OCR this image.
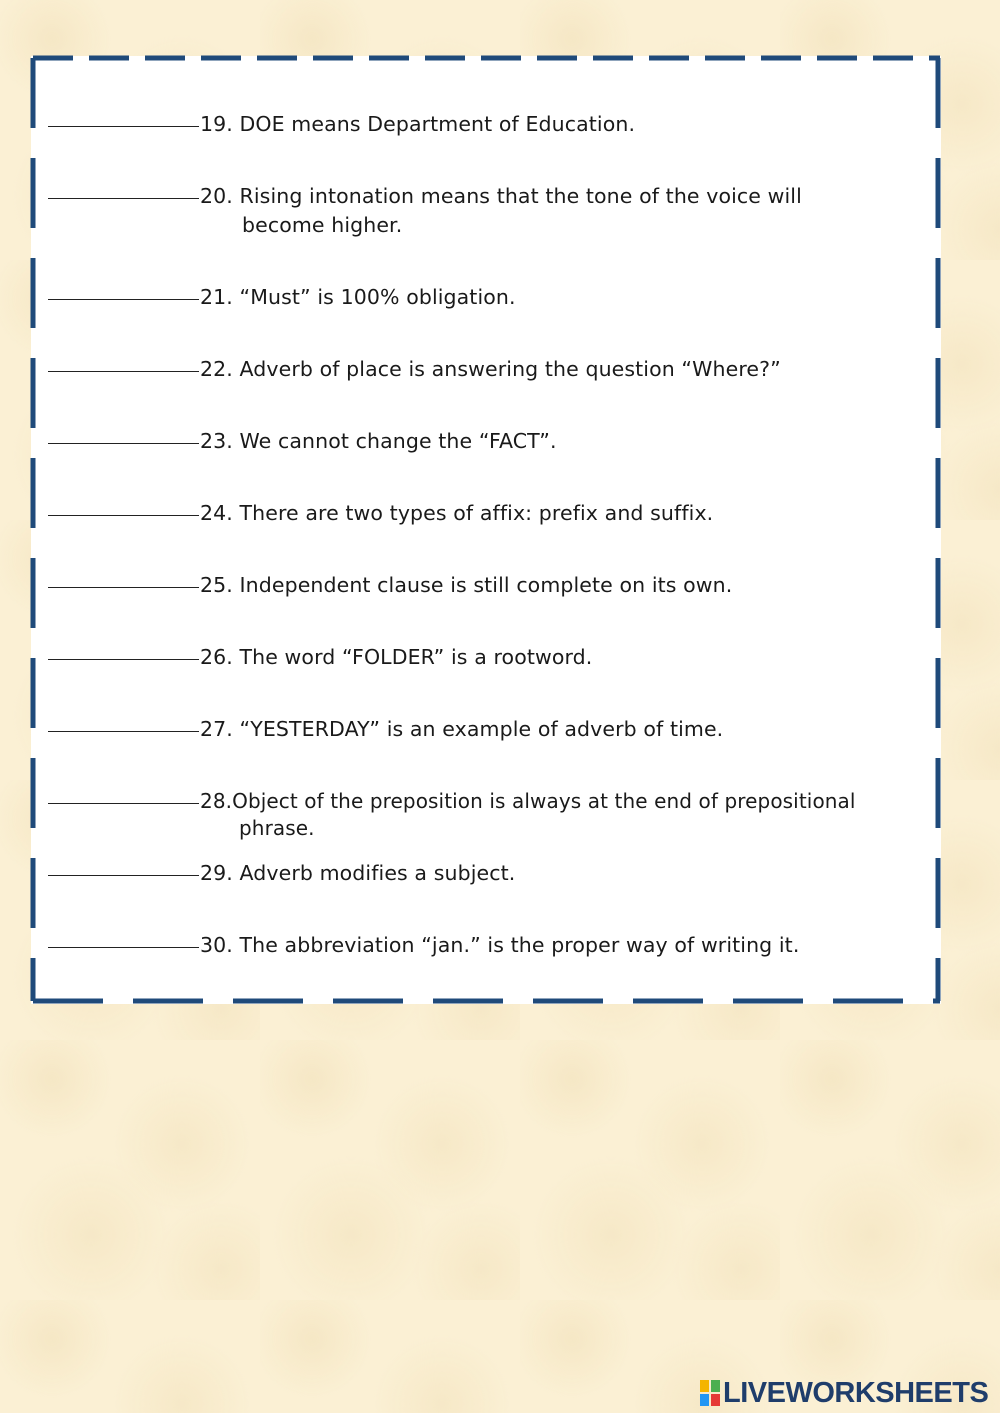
19. DOE means Department of Education.
20. Rising intonation means that the tone of the voice will
become higher.
21. “Must” is 100% obligation.
22. Adverb of place is answering the question “Where?”
23. We cannot change the “FACT”.
24. There are two types of affix: prefix and suffix.
25. Independent clause is still complete on its own.
26. The word “FOLDER” is a rootword.
27. “YESTERDAY” is an example of adverb of time.
28.Object of the preposition is always at the end of prepositional
phrase.
29. Adverb modifies a subject.
30. The abbreviation “jan.” is the proper way of writing it.
LIVEWORKSHEETS
